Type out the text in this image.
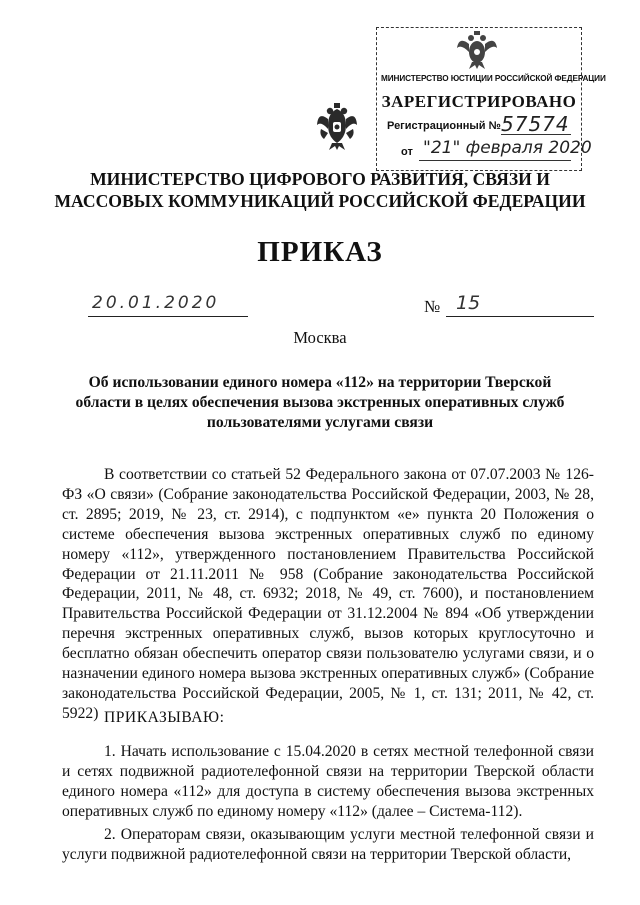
МИНИСТЕРСТВО ЮСТИЦИИ РОССИЙСКОЙ ФЕДЕРАЦИИ
ЗАРЕГИСТРИРОВАНО
Регистрационный № 57574
от "21" февраля 2020
МИНИСТЕРСТВО ЦИФРОВОГО РАЗВИТИЯ, СВЯЗИ И МАССОВЫХ КОММУНИКАЦИЙ РОССИЙСКОЙ ФЕДЕРАЦИИ
ПРИКАЗ
20.01.2020	№ 15
Москва
Об использовании единого номера «112» на территории Тверской области в целях обеспечения вызова экстренных оперативных служб пользователями услугами связи

В соответствии со статьей 52 Федерального закона от 07.07.2003 № 126-ФЗ «О связи» (Собрание законодательства Российской Федерации, 2003, № 28, ст. 2895; 2019, № 23, ст. 2914), с подпунктом «е» пункта 20 Положения о системе обеспечения вызова экстренных оперативных служб по единому номеру «112», утвержденного постановлением Правительства Российской Федерации от 21.11.2011 № 958 (Собрание законодательства Российской Федерации, 2011, № 48, ст. 6932; 2018, № 49, ст. 7600), и постановлением Правительства Российской Федерации от 31.12.2004 № 894 «Об утверждении перечня экстренных оперативных служб, вызов которых круглосуточно и бесплатно обязан обеспечить оператор связи пользователю услугами связи, и о назначении единого номера вызова экстренных оперативных служб» (Собрание законодательства Российской Федерации, 2005, № 1, ст. 131; 2011, № 42, ст. 5922) ПРИКАЗЫВАЮ:

1. Начать использование с 15.04.2020 в сетях местной телефонной связи и сетях подвижной радиотелефонной связи на территории Тверской области единого номера «112» для доступа в систему обеспечения вызова экстренных оперативных служб по единому номеру «112» (далее – Система-112).

2. Операторам связи, оказывающим услуги местной телефонной связи и услуги подвижной радиотелефонной связи на территории Тверской области,
